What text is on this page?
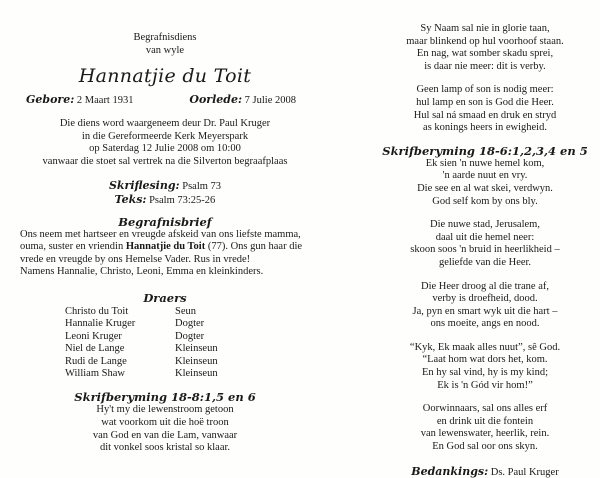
Begrafnisdiens
van wyle
Hannatjie du Toit
Gebore: 2 Maart 1931	Oorlede: 7 Julie 2008
Die diens word waargeneem deur Dr. Paul Kruger
in die Gereformeerde Kerk Meyerspark
op Saterdag 12 Julie 2008 om 10:00
vanwaar die stoet sal vertrek na die Silverton begraafplaas
Skriflesing: Psalm 73
Teks: Psalm 73:25-26
Begrafnisbrief
Ons neem met hartseer en vreugde afskeid van ons liefste mamma, ouma, suster en vriendin Hannatjie du Toit (77). Ons gun haar die vrede en vreugde by ons Hemelse Vader. Rus in vrede!
Namens Hannalie, Christo, Leoni, Emma en kleinkinders.
Draers
Christo du Toit	Seun
Hannalie Kruger	Dogter
Leoni Kruger	Dogter
Niel de Lange	Kleinseun
Rudi de Lange	Kleinseun
William Shaw	Kleinseun
Skrifberyming 18-8:1,5 en 6
Hy't my die lewenstroom getoon
wat voorkom uit die hoë troon
van God en van die Lam, vanwaar
dit vonkel soos kristal so klaar.
Sy Naam sal nie in glorie taan,
maar blinkend op hul voorhoof staan.
En nag, wat somber skadu sprei,
is daar nie meer: dit is verby.
Geen lamp of son is nodig meer:
hul lamp en son is God die Heer.
Hul sal ná smaad en druk en stryd
as konings heers in ewigheid.
Skrifberyming 18-6:1,2,3,4 en 5
Ek sien 'n nuwe hemel kom,
'n aarde nuut en vry.
Die see en al wat skei, verdwyn.
God self kom by ons bly.
Die nuwe stad, Jerusalem,
daal uit die hemel neer:
skoon soos 'n bruid in heerlikheid –
geliefde van die Heer.
Die Heer droog al die trane af,
verby is droefheid, dood.
Ja, pyn en smart wyk uit die hart –
ons moeite, angs en nood.
“Kyk, Ek maak alles nuut”, sê God.
“Laat hom wat dors het, kom.
En hy sal vind, hy is my kind;
Ek is 'n Gód vir hom!”
Oorwinnaars, sal ons alles erf
en drink uit die fontein
van lewenswater, heerlik, rein.
En God sal oor ons skyn.
Bedankings: Ds. Paul Kruger
